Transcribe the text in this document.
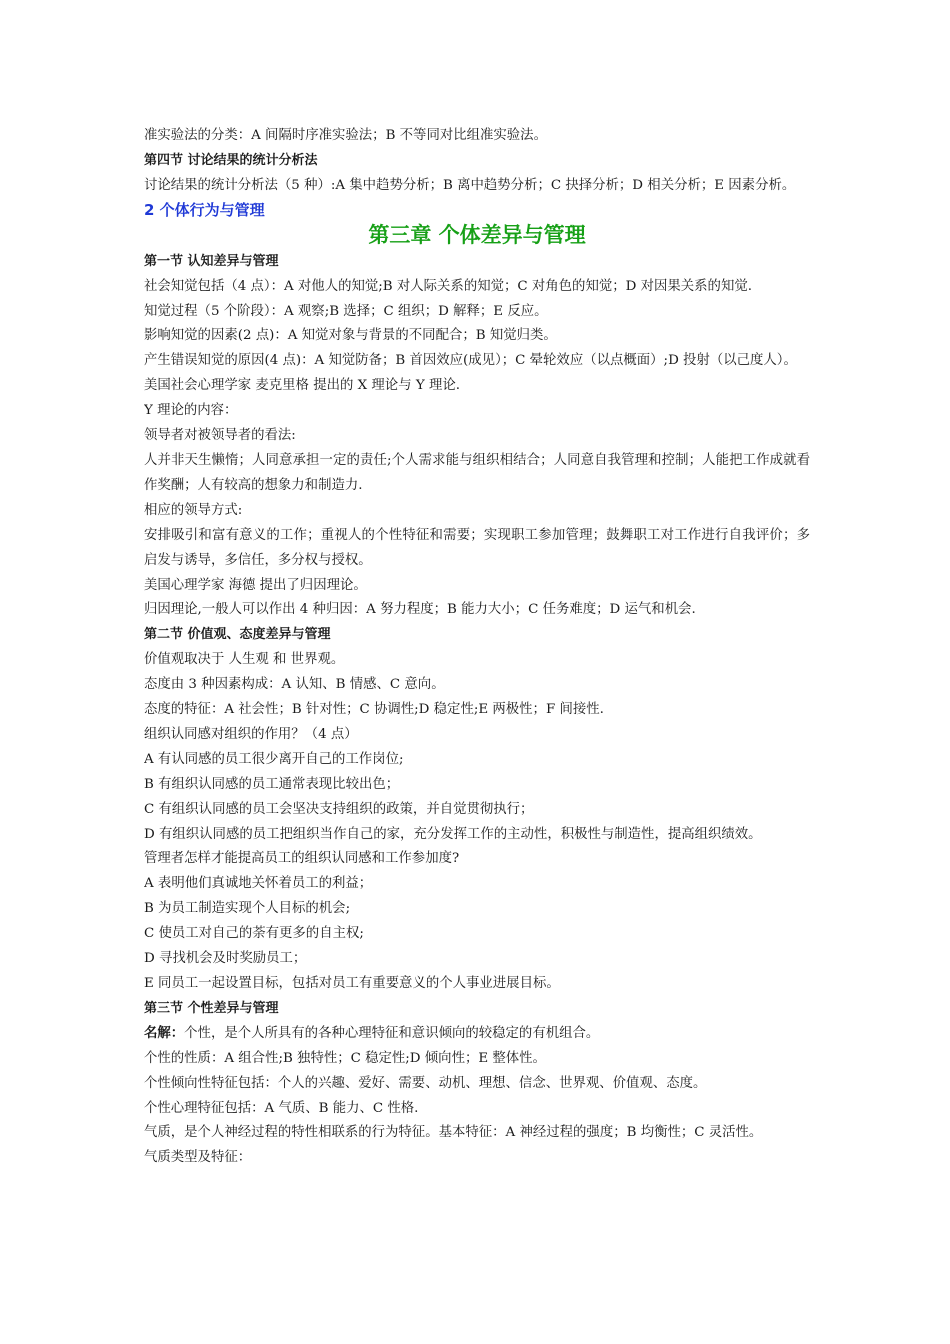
准实验法的分类：A 间隔时序准实验法；B 不等同对比组准实验法。
第四节 讨论结果的统计分析法
讨论结果的统计分析法（5 种）:A 集中趋势分析；B 离中趋势分析；C 抉择分析；D 相关分析；E 因素分析。
2 个体行为与管理
第三章 个体差异与管理
第一节 认知差异与管理
社会知觉包括（4 点）：A 对他人的知觉;B 对人际关系的知觉；C 对角色的知觉；D 对因果关系的知觉.
知觉过程（5 个阶段）：A 观察;B 选择；C 组织；D 解释；E 反应。
影响知觉的因素(2 点)：A 知觉对象与背景的不同配合；B 知觉归类。
产生错误知觉的原因(4 点)：A 知觉防备；B 首因效应(成见）；C 晕轮效应（以点概面）;D 投射（以己度人）。
美国社会心理学家 麦克里格 提出的 X 理论与 Y 理论.
Y 理论的内容：
领导者对被领导者的看法:
人并非天生懒惰；人同意承担一定的责任;个人需求能与组织相结合；人同意自我管理和控制；人能把工作成就看作奖酬；人有较高的想象力和制造力.
相应的领导方式:
安排吸引和富有意义的工作；重视人的个性特征和需要；实现职工参加管理；鼓舞职工对工作进行自我评价；多启发与诱导，多信任，多分权与授权。
美国心理学家 海德 提出了归因理论。
归因理论,一般人可以作出 4 种归因：A 努力程度；B 能力大小；C 任务难度；D 运气和机会.
第二节 价值观、态度差异与管理
价值观取决于 人生观 和 世界观。
态度由 3 种因素构成：A 认知、B 情感、C 意向。
态度的特征：A 社会性；B 针对性；C 协调性;D 稳定性;E 两极性；F 间接性.
组织认同感对组织的作用？（4 点）
A 有认同感的员工很少离开自己的工作岗位;
B 有组织认同感的员工通常表现比较出色；
C 有组织认同感的员工会坚决支持组织的政策，并自觉贯彻执行；
D 有组织认同感的员工把组织当作自己的家，充分发挥工作的主动性，积极性与制造性，提高组织绩效。
管理者怎样才能提高员工的组织认同感和工作参加度?
A 表明他们真诚地关怀着员工的利益；
B 为员工制造实现个人目标的机会;
C 使员工对自己的荼有更多的自主权;
D 寻找机会及时奖励员工；
E 同员工一起设置目标，包括对员工有重要意义的个人事业进展目标。
第三节 个性差异与管理
名解：个性，是个人所具有的各种心理特征和意识倾向的较稳定的有机组合。
个性的性质：A 组合性;B 独特性；C 稳定性;D 倾向性；E 整体性。
个性倾向性特征包括：个人的兴趣、爱好、需要、动机、理想、信念、世界观、价值观、态度。
个性心理特征包括：A 气质、B 能力、C 性格.
气质，是个人神经过程的特性相联系的行为特征。基本特征：A 神经过程的强度；B 均衡性；C 灵活性。
气质类型及特征：
